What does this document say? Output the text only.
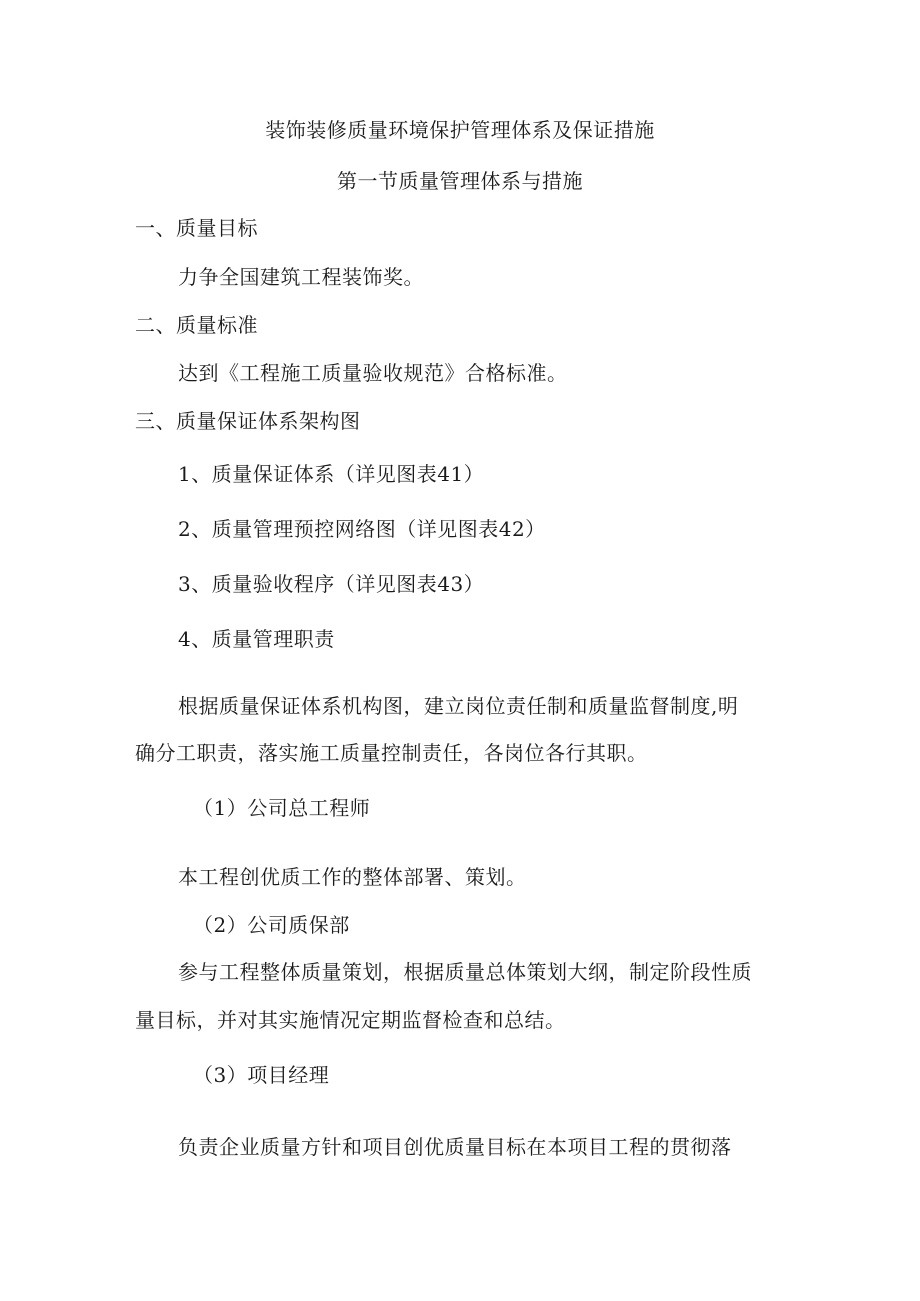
装饰装修质量环境保护管理体系及保证措施
第一节质量管理体系与措施
一、质量目标
力争全国建筑工程装饰奖。
二、质量标准
达到《工程施工质量验收规范》合格标准。
三、质量保证体系架构图
1、质量保证体系（详见图表41）
2、质量管理预控网络图（详见图表42）
3、质量验收程序（详见图表43）
4、质量管理职责
根据质量保证体系机构图，建立岗位责任制和质量监督制度,明
确分工职责，落实施工质量控制责任，各岗位各行其职。
（1）公司总工程师
本工程创优质工作的整体部署、策划。
（2）公司质保部
参与工程整体质量策划，根据质量总体策划大纲，制定阶段性质
量目标，并对其实施情况定期监督检查和总结。
（3）项目经理
负责企业质量方针和项目创优质量目标在本项目工程的贯彻落
